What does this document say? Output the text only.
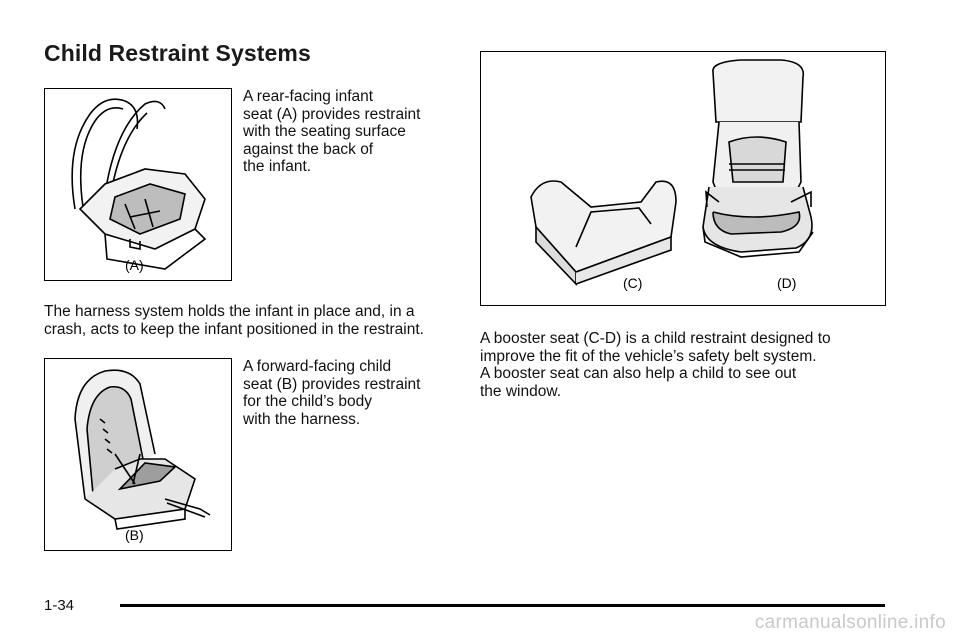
Child Restraint Systems
(A)

A rear-facing infant
seat (A) provides restraint
with the seating surface
against the back of
the infant.

The harness system holds the infant in place and, in a
crash, acts to keep the infant positioned in the restraint.

(B)

A forward-facing child
seat (B) provides restraint
for the child’s body
with the harness.

(C)	(D)

A booster seat (C-D) is a child restraint designed to
improve the fit of the vehicle’s safety belt system.
A booster seat can also help a child to see out
the window.

1-34
carmanualsonline.info
